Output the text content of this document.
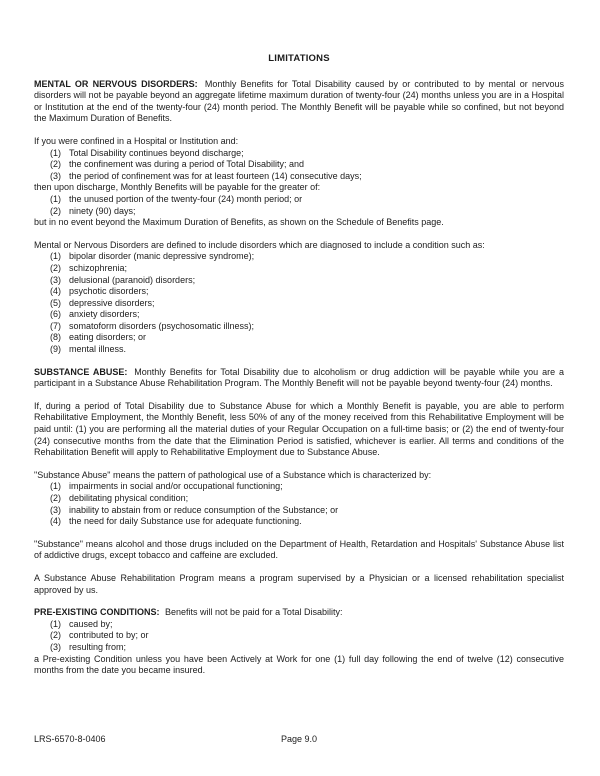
LIMITATIONS

MENTAL OR NERVOUS DISORDERS: Monthly Benefits for Total Disability caused by or contributed to by mental or nervous disorders will not be payable beyond an aggregate lifetime maximum duration of twenty-four (24) months unless you are in a Hospital or Institution at the end of the twenty-four (24) month period. The Monthly Benefit will be payable while so confined, but not beyond the Maximum Duration of Benefits.

If you were confined in a Hospital or Institution and:

(1) Total Disability continues beyond discharge;
(2) the confinement was during a period of Total Disability; and
(3) the period of confinement was for at least fourteen (14) consecutive days;

then upon discharge, Monthly Benefits will be payable for the greater of:

(1) the unused portion of the twenty-four (24) month period; or
(2) ninety (90) days;

but in no event beyond the Maximum Duration of Benefits, as shown on the Schedule of Benefits page.

Mental or Nervous Disorders are defined to include disorders which are diagnosed to include a condition such as:

(1) bipolar disorder (manic depressive syndrome);
(2) schizophrenia;
(3) delusional (paranoid) disorders;
(4) psychotic disorders;
(5) depressive disorders;
(6) anxiety disorders;
(7) somatoform disorders (psychosomatic illness);
(8) eating disorders; or
(9) mental illness.

SUBSTANCE ABUSE: Monthly Benefits for Total Disability due to alcoholism or drug addiction will be payable while you are a participant in a Substance Abuse Rehabilitation Program. The Monthly Benefit will not be payable beyond twenty-four (24) months.

If, during a period of Total Disability due to Substance Abuse for which a Monthly Benefit is payable, you are able to perform Rehabilitative Employment, the Monthly Benefit, less 50% of any of the money received from this Rehabilitative Employment will be paid until: (1) you are performing all the material duties of your Regular Occupation on a full-time basis; or (2) the end of twenty-four (24) consecutive months from the date that the Elimination Period is satisfied, whichever is earlier. All terms and conditions of the Rehabilitation Benefit will apply to Rehabilitative Employment due to Substance Abuse.

"Substance Abuse" means the pattern of pathological use of a Substance which is characterized by:

(1) impairments in social and/or occupational functioning;
(2) debilitating physical condition;
(3) inability to abstain from or reduce consumption of the Substance; or
(4) the need for daily Substance use for adequate functioning.

"Substance" means alcohol and those drugs included on the Department of Health, Retardation and Hospitals' Substance Abuse list of addictive drugs, except tobacco and caffeine are excluded.

A Substance Abuse Rehabilitation Program means a program supervised by a Physician or a licensed rehabilitation specialist approved by us.

PRE-EXISTING CONDITIONS: Benefits will not be paid for a Total Disability:

(1) caused by;
(2) contributed to by; or
(3) resulting from;

a Pre-existing Condition unless you have been Actively at Work for one (1) full day following the end of twelve (12) consecutive months from the date you became insured.

Page 9.0
LRS-6570-8-0406
